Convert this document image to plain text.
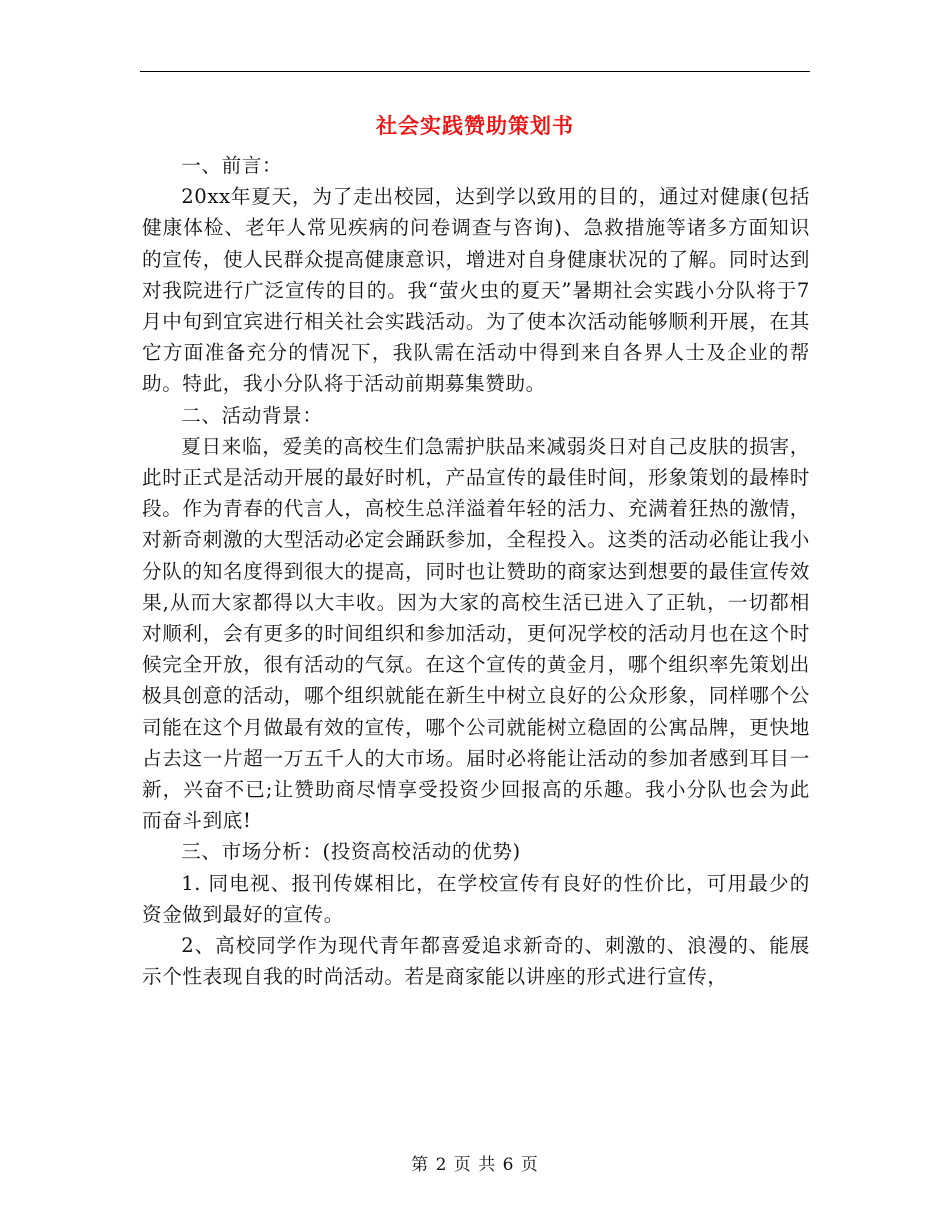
社会实践赞助策划书

一、前言：

20xx年夏天，为了走出校园，达到学以致用的目的，通过对健康(包括健康体检、老年人常见疾病的问卷调查与咨询)、急救措施等诸多方面知识的宣传，使人民群众提高健康意识，增进对自身健康状况的了解。同时达到对我院进行广泛宣传的目的。我“萤火虫的夏天”暑期社会实践小分队将于7月中旬到宜宾进行相关社会实践活动。为了使本次活动能够顺利开展，在其它方面准备充分的情况下，我队需在活动中得到来自各界人士及企业的帮助。特此，我小分队将于活动前期募集赞助。

二、活动背景：

夏日来临，爱美的高校生们急需护肤品来减弱炎日对自己皮肤的损害，此时正式是活动开展的最好时机，产品宣传的最佳时间，形象策划的最棒时段。作为青春的代言人，高校生总洋溢着年轻的活力、充满着狂热的激情，对新奇刺激的大型活动必定会踊跃参加，全程投入。这类的活动必能让我小分队的知名度得到很大的提高，同时也让赞助的商家达到想要的最佳宣传效果,从而大家都得以大丰收。因为大家的高校生活已进入了正轨，一切都相对顺利，会有更多的时间组织和参加活动，更何况学校的活动月也在这个时候完全开放，很有活动的气氛。在这个宣传的黄金月，哪个组织率先策划出极具创意的活动，哪个组织就能在新生中树立良好的公众形象，同样哪个公司能在这个月做最有效的宣传，哪个公司就能树立稳固的公寓品牌，更快地占去这一片超一万五千人的大市场。届时必将能让活动的参加者感到耳目一新，兴奋不已;让赞助商尽情享受投资少回报高的乐趣。我小分队也会为此而奋斗到底!

三、市场分析：(投资高校活动的优势)

1. 同电视、报刊传媒相比，在学校宣传有良好的性价比，可用最少的资金做到最好的宣传。

2、高校同学作为现代青年都喜爱追求新奇的、刺激的、浪漫的、能展示个性表现自我的时尚活动。若是商家能以讲座的形式进行宣传，

第 2 页 共 6 页
